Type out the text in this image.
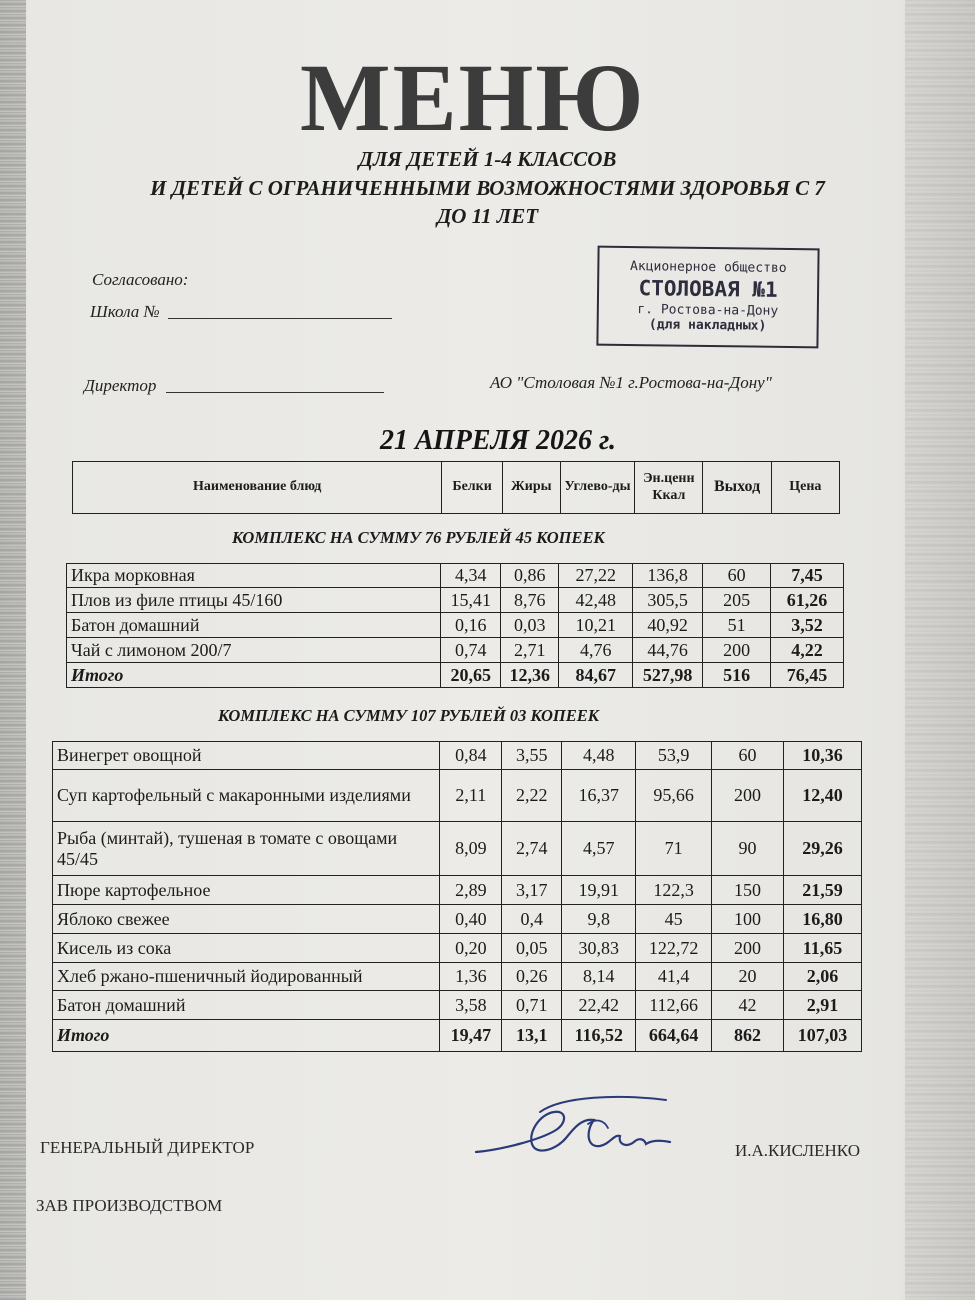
МЕНЮ
ДЛЯ ДЕТЕЙ 1-4 КЛАССОВ
И ДЕТЕЙ С ОГРАНИЧЕННЫМИ ВОЗМОЖНОСТЯМИ ЗДОРОВЬЯ С 7
ДО 11 ЛЕТ
Согласовано:
Школа №
Директор	АО "Столовая №1 г.Ростова-на-Дону"
Акционерное общество
СТОЛОВАЯ №1
г. Ростова-на-Дону
(для накладных)
21 АПРЕЛЯ 2026 г.
Наименование блюд	Белки	Жиры	Углево-ды	Эн.ценн Ккал	Выход	Цена
КОМПЛЕКС НА СУММУ 76 РУБЛЕЙ 45 КОПЕЕК
Икра морковная	4,34	0,86	27,22	136,8	60	7,45
Плов из филе птицы 45/160	15,41	8,76	42,48	305,5	205	61,26
Батон домашний	0,16	0,03	10,21	40,92	51	3,52
Чай с лимоном 200/7	0,74	2,71	4,76	44,76	200	4,22
Итого	20,65	12,36	84,67	527,98	516	76,45
КОМПЛЕКС НА СУММУ 107 РУБЛЕЙ 03 КОПЕЕК
Винегрет овощной	0,84	3,55	4,48	53,9	60	10,36
Суп картофельный с макаронными изделиями	2,11	2,22	16,37	95,66	200	12,40
Рыба (минтай), тушеная в томате с овощами 45/45	8,09	2,74	4,57	71	90	29,26
Пюре картофельное	2,89	3,17	19,91	122,3	150	21,59
Яблоко свежее	0,40	0,4	9,8	45	100	16,80
Кисель из сока	0,20	0,05	30,83	122,72	200	11,65
Хлеб ржано-пшеничный йодированный	1,36	0,26	8,14	41,4	20	2,06
Батон домашний	3,58	0,71	22,42	112,66	42	2,91
Итого	19,47	13,1	116,52	664,64	862	107,03
ГЕНЕРАЛЬНЫЙ ДИРЕКТОР	И.А.КИСЛЕНКО
ЗАВ ПРОИЗВОДСТВОМ
